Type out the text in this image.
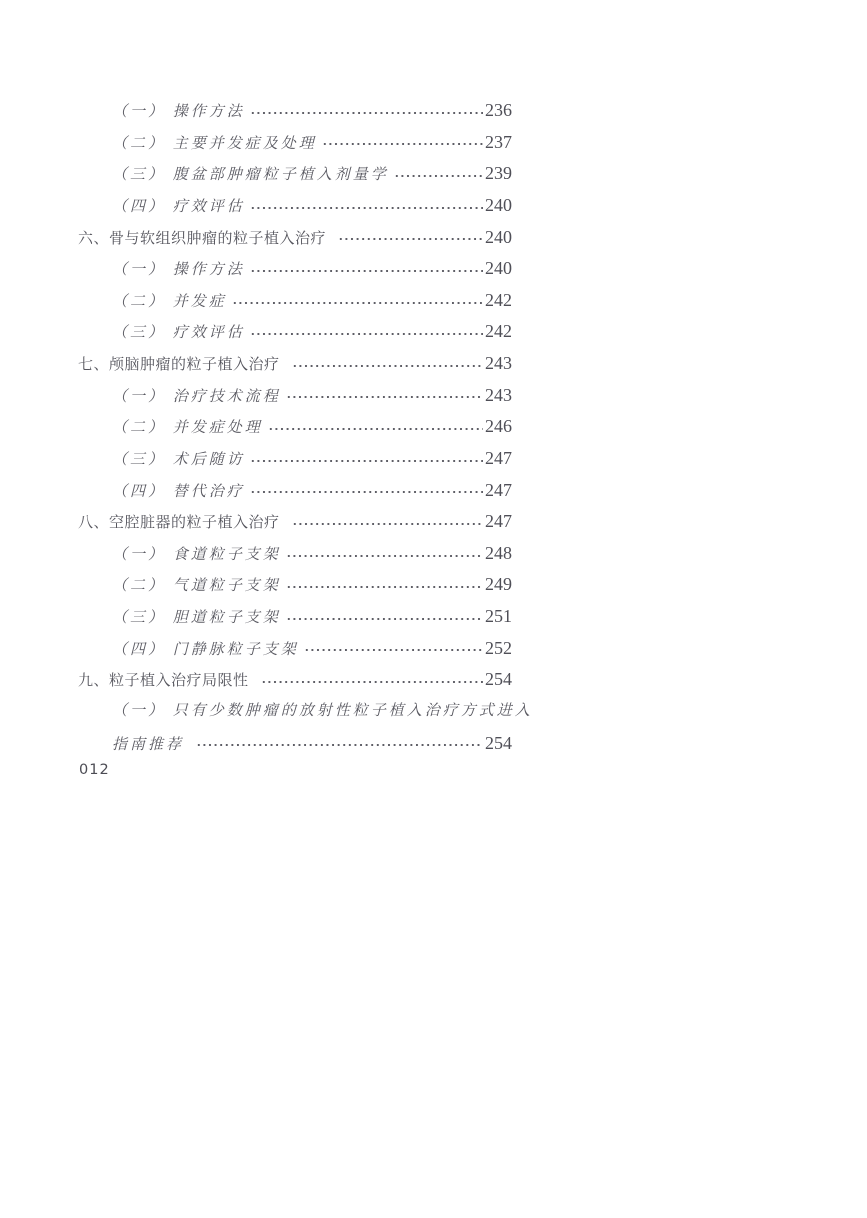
（一） 操作方法	236
（二） 主要并发症及处理	237
（三） 腹盆部肿瘤粒子植入剂量学	239
（四） 疗效评估	240
六、骨与软组织肿瘤的粒子植入治疗	240
（一） 操作方法	240
（二） 并发症	242
（三） 疗效评估	242
七、颅脑肿瘤的粒子植入治疗	243
（一） 治疗技术流程	243
（二） 并发症处理	246
（三） 术后随访	247
（四） 替代治疗	247
八、空腔脏器的粒子植入治疗	247
（一） 食道粒子支架	248
（二） 气道粒子支架	249
（三） 胆道粒子支架	251
（四） 门静脉粒子支架	252
九、粒子植入治疗局限性	254
（一） 只有少数肿瘤的放射性粒子植入治疗方式进入
指南推荐	254
012
